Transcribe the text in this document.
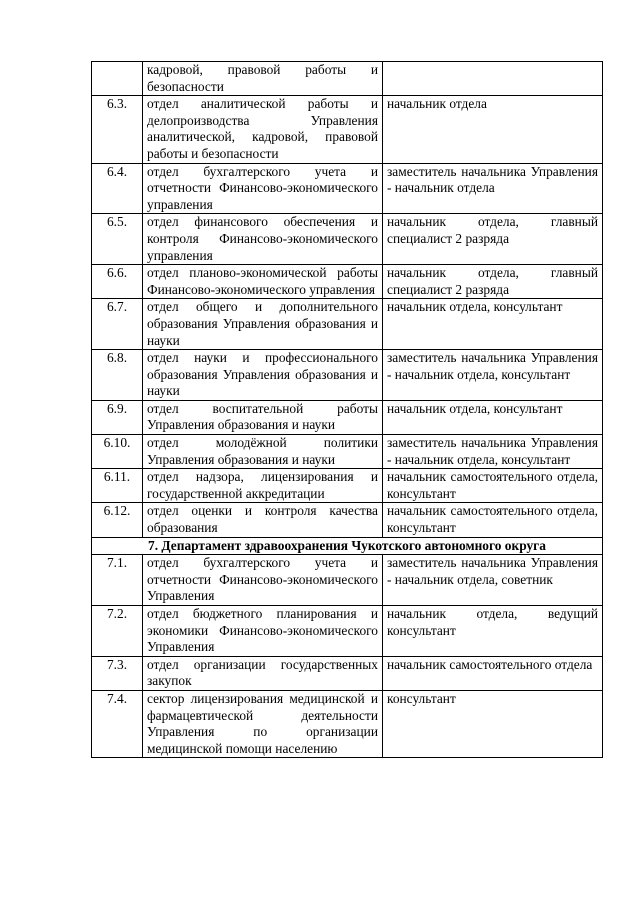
	кадровой, правовой работы и безопасности	
6.3.	отдел аналитической работы и делопроизводства Управления аналитической, кадровой, правовой работы и безопасности	начальник отдела
6.4.	отдел бухгалтерского учета и отчетности Финансово-экономического управления	заместитель начальника Управления - начальник отдела
6.5.	отдел финансового обеспечения и контроля Финансово-экономического управления	начальник отдела, главный специалист 2 разряда
6.6.	отдел планово-экономической работы Финансово-экономического управления	начальник отдела, главный специалист 2 разряда
6.7.	отдел общего и дополнительного образования Управления образования и науки	начальник отдела, консультант
6.8.	отдел науки и профессионального образования Управления образования и науки	заместитель начальника Управления - начальник отдела, консультант
6.9.	отдел воспитательной работы Управления образования и науки	начальник отдела, консультант
6.10.	отдел молодёжной политики Управления образования и науки	заместитель начальника Управления - начальник отдела, консультант
6.11.	отдел надзора, лицензирования и государственной аккредитации	начальник самостоятельного отдела, консультант
6.12.	отдел оценки и контроля качества образования	начальник самостоятельного отдела, консультант
7. Департамент здравоохранения Чукотского автономного округа		
7.1.	отдел бухгалтерского учета и отчетности Финансово-экономического Управления	заместитель начальника Управления - начальник отдела, советник
7.2.	отдел бюджетного планирования и экономики Финансово-экономического Управления	начальник отдела, ведущий консультант
7.3.	отдел организации государственных закупок	начальник самостоятельного отдела
7.4.	сектор лицензирования медицинской и фармацевтической деятельности Управления по организации медицинской помощи населению	консультант
